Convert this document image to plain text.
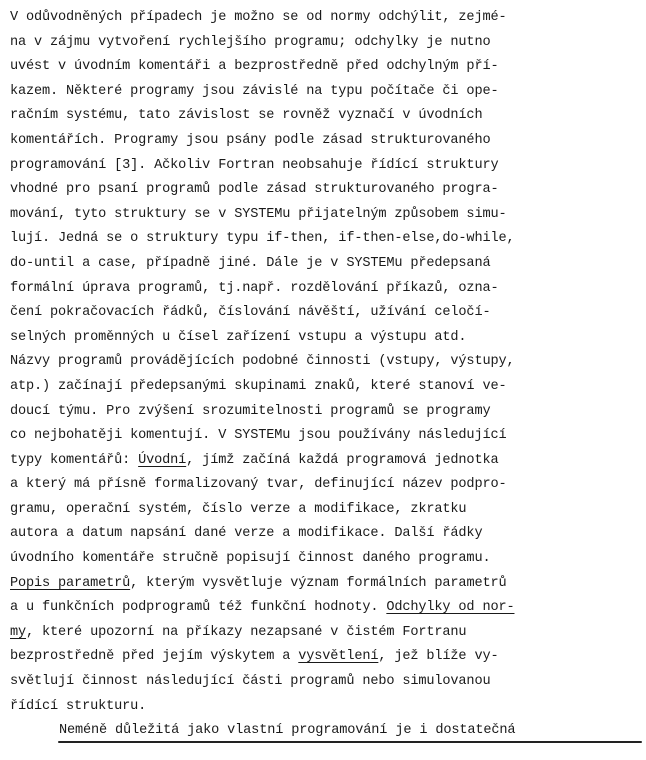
V odůvodněných případech je možno se od normy odchýlit, zejmé-
na v zájmu vytvoření rychlejšího programu; odchylky je nutno
uvést v úvodním komentáři a bezprostředně před odchylným pří-
kazem. Některé programy jsou závislé na typu počítače či ope-
račním systému, tato závislost se rovněž vyznačí v úvodních
komentářích. Programy jsou psány podle zásad strukturovaného
programování [3]. Ačkoliv Fortran neobsahuje řídící struktury
vhodné pro psaní programů podle zásad strukturovaného progra-
mování, tyto struktury se v SYSTEMu přijatelným způsobem simu-
lují. Jedná se o struktury typu if-then, if-then-else,do-while,
do-until a case, případně jiné. Dále je v SYSTEMu předepsaná
formální úprava programů, tj.např. rozdělování příkazů, ozna-
čení pokračovacích řádků, číslování návěští, užívání celočí-
selných proměnných u čísel zařízení vstupu a výstupu atd.
Názvy programů provádějících podobné činnosti (vstupy, výstupy,
atp.) začínají předepsanými skupinami znaků, které stanoví ve-
doucí týmu. Pro zvýšení srozumitelnosti programů se programy
co nejbohatěji komentují. V SYSTEMu jsou používány následující
typy komentářů: Úvodní, jímž začíná každá programová jednotka
a který má přísně formalizovaný tvar, definující název podpro-
gramu, operační systém, číslo verze a modifikace, zkratku
autora a datum napsání dané verze a modifikace. Další řádky
úvodního komentáře stručně popisují činnost daného programu.
Popis parametrů, kterým vysvětluje význam formálních parametrů
a u funkčních podprogramů též funkční hodnoty. Odchylky od nor-
my, které upozorní na příkazy nezapsané v čistém Fortranu
bezprostředně před jejím výskytem a vysvětlení, jež blíže vy-
světlují činnost následující části programů nebo simulovanou
řídící strukturu.
Neméně důležitá jako vlastní programování je i dostatečná
